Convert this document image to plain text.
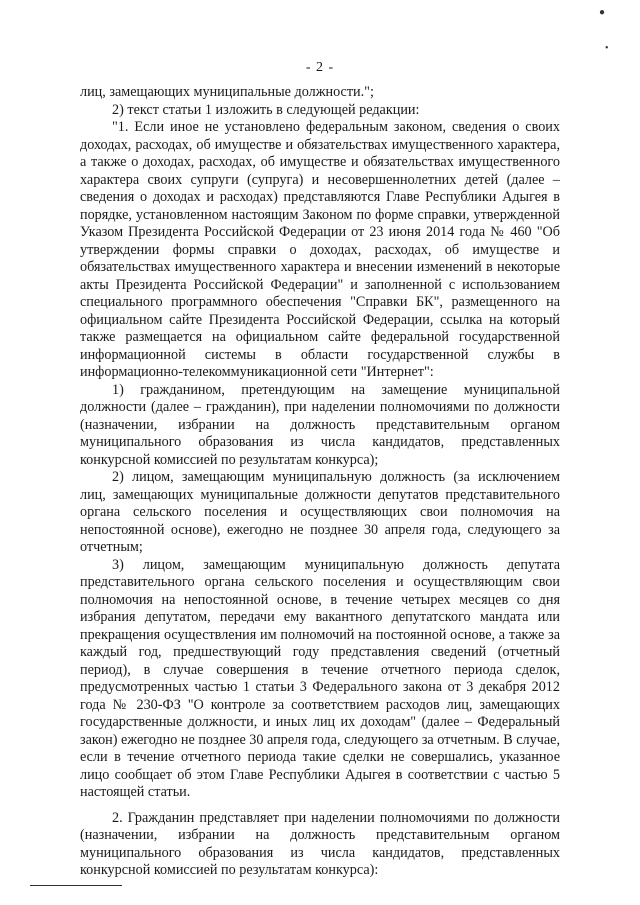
●
•
- 2 -

лиц, замещающих муниципальные должности.";

2) текст статьи 1 изложить в следующей редакции:

"1. Если иное не установлено федеральным законом, сведения о своих доходах, расходах, об имуществе и обязательствах имущественного характера, а также о доходах, расходах, об имуществе и обязательствах имущественного характера своих супруги (супруга) и несовершеннолетних детей (далее – сведения о доходах и расходах) представляются Главе Республики Адыгея в порядке, установленном настоящим Законом по форме справки, утвержденной Указом Президента Российской Федерации от 23 июня 2014 года № 460 "Об утверждении формы справки о доходах, расходах, об имуществе и обязательствах имущественного характера и внесении изменений в некоторые акты Президента Российской Федерации" и заполненной с использованием специального программного обеспечения "Справки БК", размещенного на официальном сайте Президента Российской Федерации, ссылка на который также размещается на официальном сайте федеральной государственной информационной системы в области государственной службы в информационно-телекоммуникационной сети "Интернет":

1) гражданином, претендующим на замещение муниципальной должности (далее – гражданин), при наделении полномочиями по должности (назначении, избрании на должность представительным органом муниципального образования из числа кандидатов, представленных конкурсной комиссией по результатам конкурса);

2) лицом, замещающим муниципальную должность (за исключением лиц, замещающих муниципальные должности депутатов представительного органа сельского поселения и осуществляющих свои полномочия на непостоянной основе), ежегодно не позднее 30 апреля года, следующего за отчетным;

3) лицом, замещающим муниципальную должность депутата представительного органа сельского поселения и осуществляющим свои полномочия на непостоянной основе, в течение четырех месяцев со дня избрания депутатом, передачи ему вакантного депутатского мандата или прекращения осуществления им полномочий на постоянной основе, а также за каждый год, предшествующий году представления сведений (отчетный период), в случае совершения в течение отчетного периода сделок, предусмотренных частью 1 статьи 3 Федерального закона от 3 декабря 2012 года № 230-ФЗ "О контроле за соответствием расходов лиц, замещающих государственные должности, и иных лиц их доходам" (далее – Федеральный закон) ежегодно не позднее 30 апреля года, следующего за отчетным. В случае, если в течение отчетного периода такие сделки не совершались, указанное лицо сообщает об этом Главе Республики Адыгея в соответствии с частью 5 настоящей статьи.

2. Гражданин представляет при наделении полномочиями по должности (назначении, избрании на должность представительным органом муниципального образования из числа кандидатов, представленных конкурсной комиссией по результатам конкурса):
